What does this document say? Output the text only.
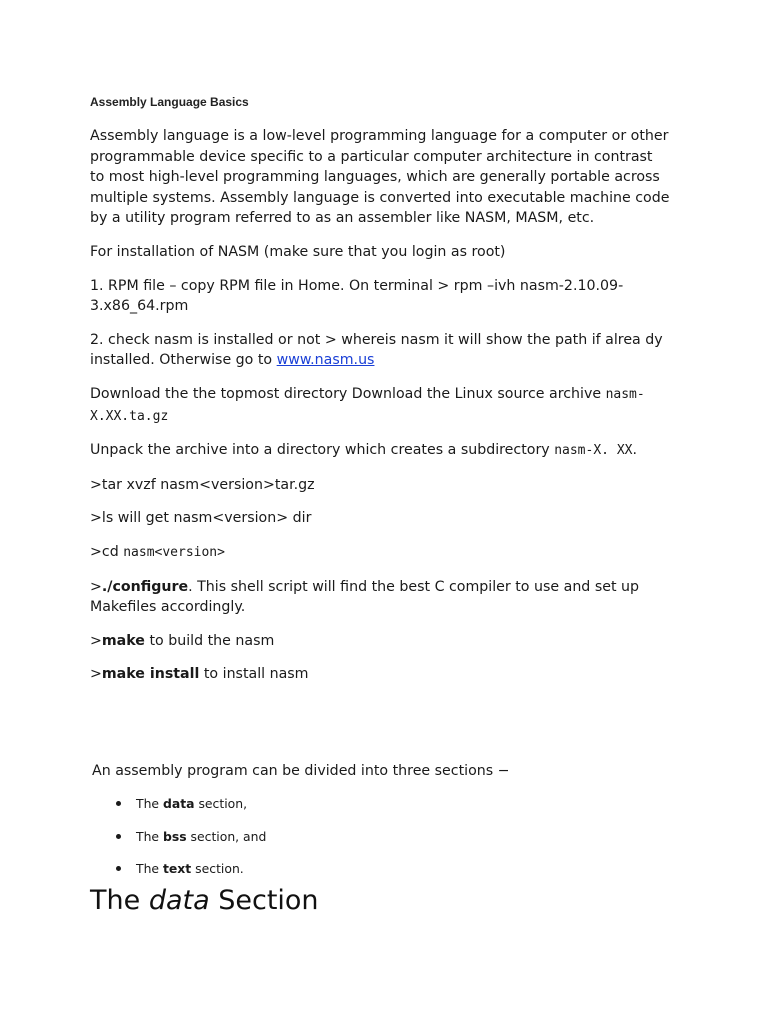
Assembly Language Basics

Assembly language is a low-level programming language for a computer or other programmable device specific to a particular computer architecture in contrast to most high-level programming languages, which are generally portable across multiple systems. Assembly language is converted into executable machine code by a utility program referred to as an assembler like NASM, MASM, etc.

For installation of NASM (make sure that you login as root)

1. RPM file – copy RPM file in Home. On terminal > rpm –ivh nasm-2.10.09-3.x86_64.rpm

2. check nasm is installed or not > whereis nasm it will show the path if alrea dy installed. Otherwise go to www.nasm.us

Download the the topmost directory Download the Linux source archive nasm-X.XX.ta.gz

Unpack the archive into a directory which creates a subdirectory nasm-X. XX.

>tar xvzf nasm<version>tar.gz

>ls will get nasm<version> dir

>cd nasm<version>

>./configure. This shell script will find the best C compiler to use and set up Makefiles accordingly.

>make to build the nasm

>make install to install nasm

An assembly program can be divided into three sections −

The data section,
The bss section, and
The text section.
The data Section
